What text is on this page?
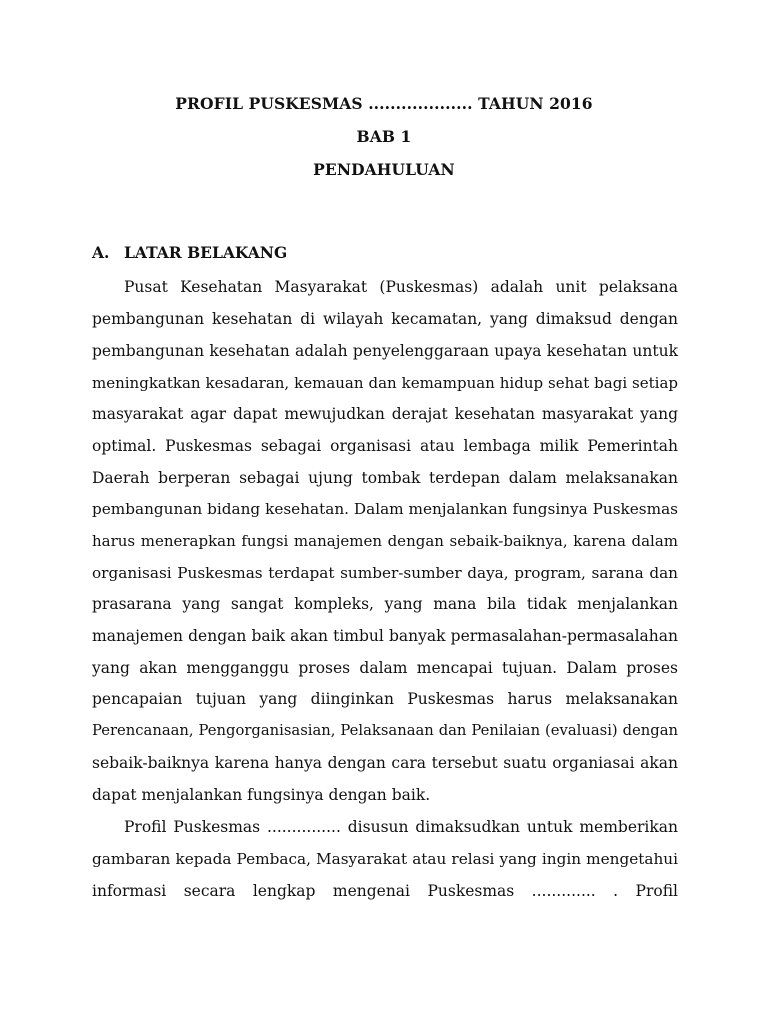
PROFIL PUSKESMAS ................... TAHUN 2016
BAB 1
PENDAHULUAN
A. LATAR BELAKANG
Pusat Kesehatan Masyarakat (Puskesmas) adalah unit pelaksana
pembangunan kesehatan di wilayah kecamatan, yang dimaksud dengan
pembangunan kesehatan adalah penyelenggaraan upaya kesehatan untuk
meningkatkan kesadaran, kemauan dan kemampuan hidup sehat bagi setiap
masyarakat agar dapat mewujudkan derajat kesehatan masyarakat yang
optimal. Puskesmas sebagai organisasi atau lembaga milik Pemerintah
Daerah berperan sebagai ujung tombak terdepan dalam melaksanakan
pembangunan bidang kesehatan. Dalam menjalankan fungsinya Puskesmas
harus menerapkan fungsi manajemen dengan sebaik-baiknya, karena dalam
organisasi Puskesmas terdapat sumber-sumber daya, program, sarana dan
prasarana yang sangat kompleks, yang mana bila tidak menjalankan
manajemen dengan baik akan timbul banyak permasalahan-permasalahan
yang akan mengganggu proses dalam mencapai tujuan. Dalam proses
pencapaian tujuan yang diinginkan Puskesmas harus melaksanakan
Perencanaan, Pengorganisasian, Pelaksanaan dan Penilaian (evaluasi) dengan
sebaik-baiknya karena hanya dengan cara tersebut suatu organiasai akan
dapat menjalankan fungsinya dengan baik.
Profil Puskesmas ............... disusun dimaksudkan untuk memberikan
gambaran kepada Pembaca, Masyarakat atau relasi yang ingin mengetahui
informasi secara lengkap mengenai Puskesmas ............. . Profil
